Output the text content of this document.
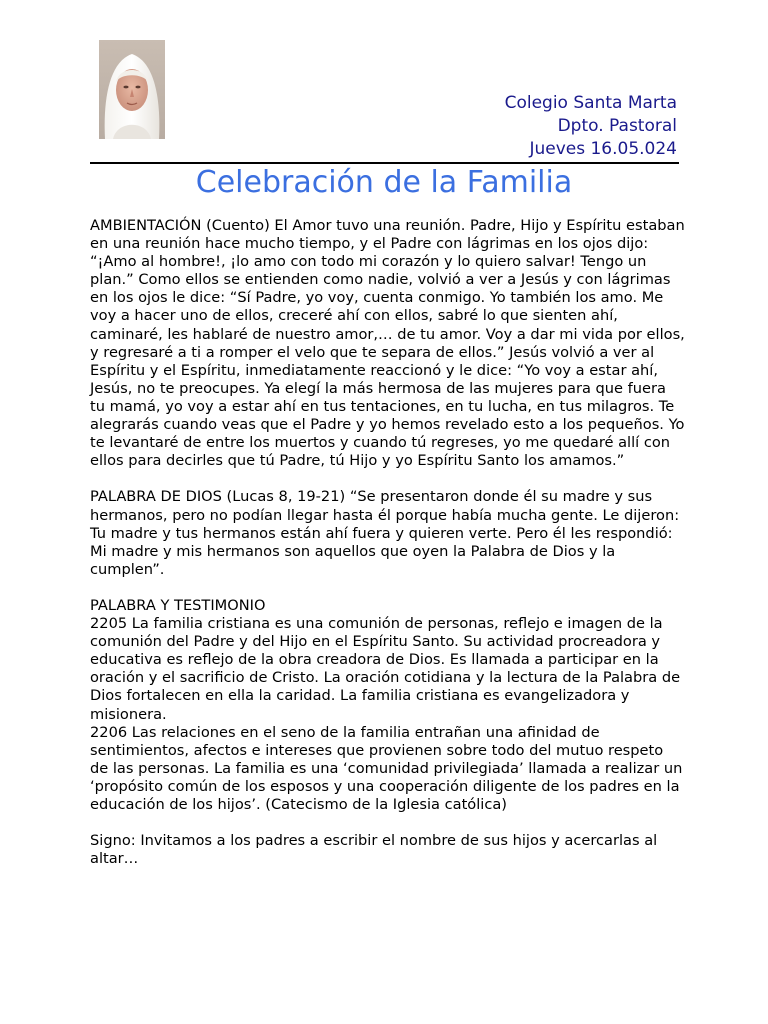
Colegio Santa Marta
Dpto. Pastoral
Jueves 16.05.024
Celebración de la Familia

AMBIENTACIÓN (Cuento) El Amor tuvo una reunión. Padre, Hijo y Espíritu estaban en una reunión hace mucho tiempo, y el Padre con lágrimas en los ojos dijo: “¡Amo al hombre!, ¡lo amo con todo mi corazón y lo quiero salvar! Tengo un plan.” Como ellos se entienden como nadie, volvió a ver a Jesús y con lágrimas en los ojos le dice: “Sí Padre, yo voy, cuenta conmigo. Yo también los amo. Me voy a hacer uno de ellos, creceré ahí con ellos, sabré lo que sienten ahí, caminaré, les hablaré de nuestro amor,… de tu amor. Voy a dar mi vida por ellos, y regresaré a ti a romper el velo que te separa de ellos.” Jesús volvió a ver al Espíritu y el Espíritu, inmediatamente reaccionó y le dice: “Yo voy a estar ahí, Jesús, no te preocupes. Ya elegí la más hermosa de las mujeres para que fuera tu mamá, yo voy a estar ahí en tus tentaciones, en tu lucha, en tus milagros. Te alegrarás cuando veas que el Padre y yo hemos revelado esto a los pequeños. Yo te levantaré de entre los muertos y cuando tú regreses, yo me quedaré allí con ellos para decirles que tú Padre, tú Hijo y yo Espíritu Santo los amamos.”

PALABRA DE DIOS (Lucas 8, 19-21) “Se presentaron donde él su madre y sus hermanos, pero no podían llegar hasta él porque había mucha gente. Le dijeron: Tu madre y tus hermanos están ahí fuera y quieren verte. Pero él les respondió: Mi madre y mis hermanos son aquellos que oyen la Palabra de Dios y la cumplen”.

PALABRA Y TESTIMONIO
2205 La familia cristiana es una comunión de personas, reflejo e imagen de la comunión del Padre y del Hijo en el Espíritu Santo. Su actividad procreadora y educativa es reflejo de la obra creadora de Dios. Es llamada a participar en la oración y el sacrificio de Cristo. La oración cotidiana y la lectura de la Palabra de Dios fortalecen en ella la caridad. La familia cristiana es evangelizadora y misionera.
2206 Las relaciones en el seno de la familia entrañan una afinidad de sentimientos, afectos e intereses que provienen sobre todo del mutuo respeto de las personas. La familia es una ‘comunidad privilegiada’ llamada a realizar un ‘propósito común de los esposos y una cooperación diligente de los padres en la educación de los hijos’. (Catecismo de la Iglesia católica)

Signo: Invitamos a los padres a escribir el nombre de sus hijos y acercarlas al altar…
